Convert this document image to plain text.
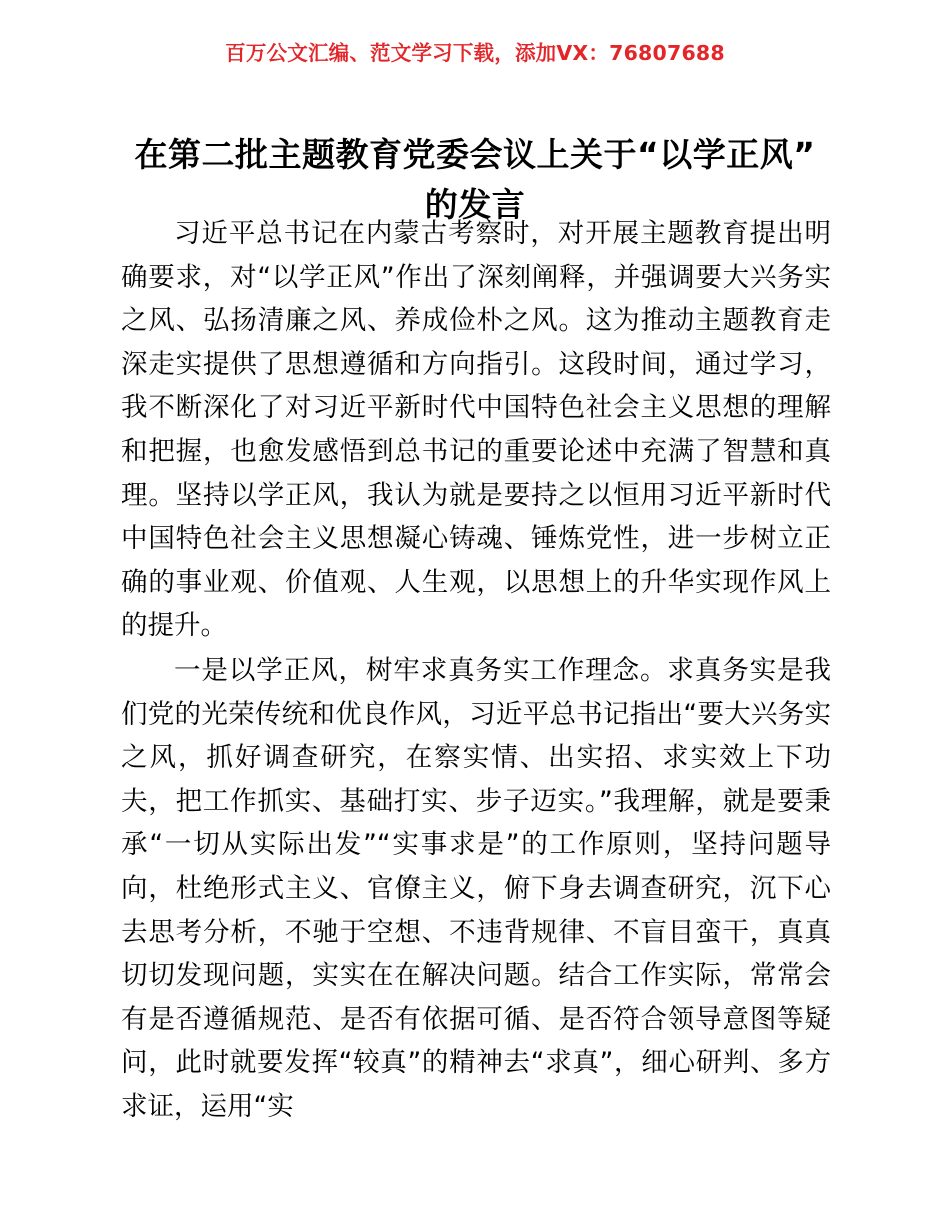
百万公文汇编、范文学习下载，添加VX：76807688
在第二批主题教育党委会议上关于“以学正风”的发言

习近平总书记在内蒙古考察时，对开展主题教育提出明确要求，对“以学正风”作出了深刻阐释，并强调要大兴务实之风、弘扬清廉之风、养成俭朴之风。这为推动主题教育走深走实提供了思想遵循和方向指引。这段时间，通过学习，我不断深化了对习近平新时代中国特色社会主义思想的理解和把握，也愈发感悟到总书记的重要论述中充满了智慧和真理。坚持以学正风，我认为就是要持之以恒用习近平新时代中国特色社会主义思想凝心铸魂、锤炼党性，进一步树立正确的事业观、价值观、人生观，以思想上的升华实现作风上的提升。

一是以学正风，树牢求真务实工作理念。求真务实是我们党的光荣传统和优良作风，习近平总书记指出“要大兴务实之风，抓好调查研究，在察实情、出实招、求实效上下功夫，把工作抓实、基础打实、步子迈实。”我理解，就是要秉承“一切从实际出发”“实事求是”的工作原则，坚持问题导向，杜绝形式主义、官僚主义，俯下身去调查研究，沉下心去思考分析，不驰于空想、不违背规律、不盲目蛮干，真真切切发现问题，实实在在解决问题。结合工作实际，常常会有是否遵循规范、是否有依据可循、是否符合领导意图等疑问，此时就要发挥“较真”的精神去“求真”，细心研判、多方求证，运用“实
